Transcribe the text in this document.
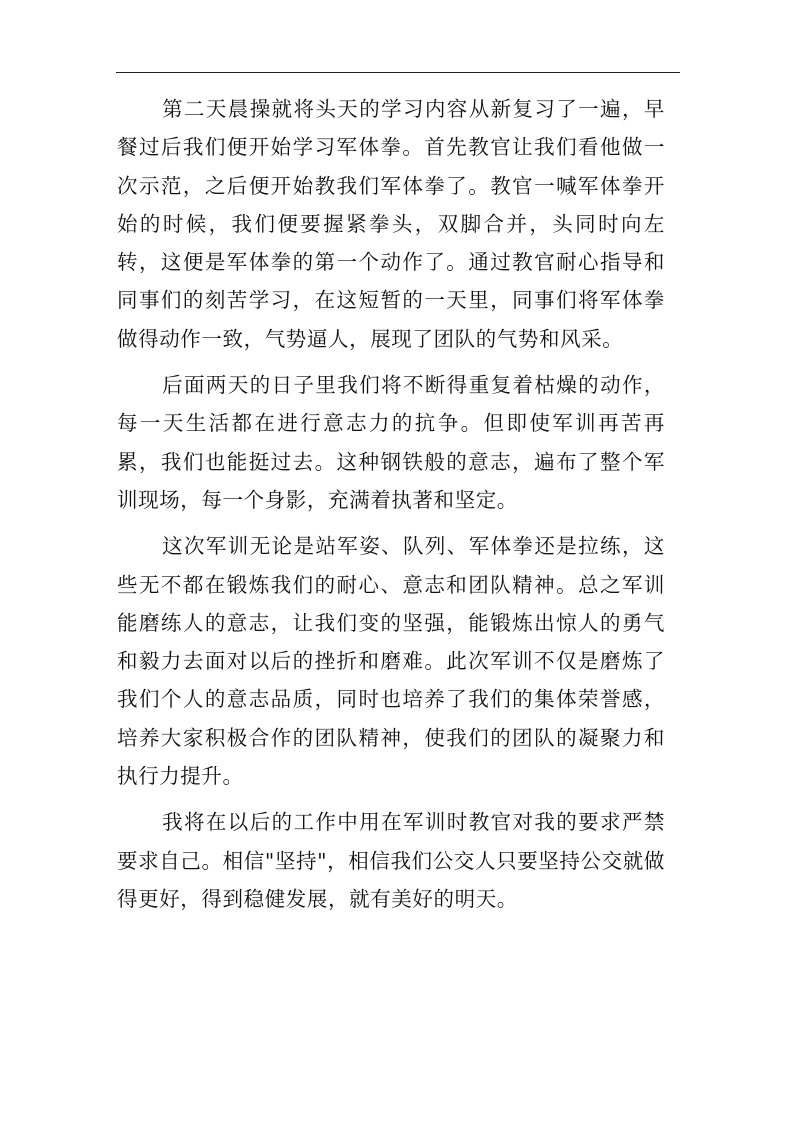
第二天晨操就将头天的学习内容从新复习了一遍，早餐过后我们便开始学习军体拳。首先教官让我们看他做一次示范，之后便开始教我们军体拳了。教官一喊军体拳开始的时候，我们便要握紧拳头，双脚合并，头同时向左转，这便是军体拳的第一个动作了。通过教官耐心指导和同事们的刻苦学习，在这短暂的一天里，同事们将军体拳做得动作一致，气势逼人，展现了团队的气势和风采。

后面两天的日子里我们将不断得重复着枯燥的动作，每一天生活都在进行意志力的抗争。但即使军训再苦再累，我们也能挺过去。这种钢铁般的意志，遍布了整个军训现场，每一个身影，充满着执著和坚定。

这次军训无论是站军姿、队列、军体拳还是拉练，这些无不都在锻炼我们的耐心、意志和团队精神。总之军训能磨练人的意志，让我们变的坚强，能锻炼出惊人的勇气和毅力去面对以后的挫折和磨难。此次军训不仅是磨炼了我们个人的意志品质，同时也培养了我们的集体荣誉感，培养大家积极合作的团队精神，使我们的团队的凝聚力和执行力提升。

我将在以后的工作中用在军训时教官对我的要求严禁要求自己。相信"坚持"，相信我们公交人只要坚持公交就做得更好，得到稳健发展，就有美好的明天。
